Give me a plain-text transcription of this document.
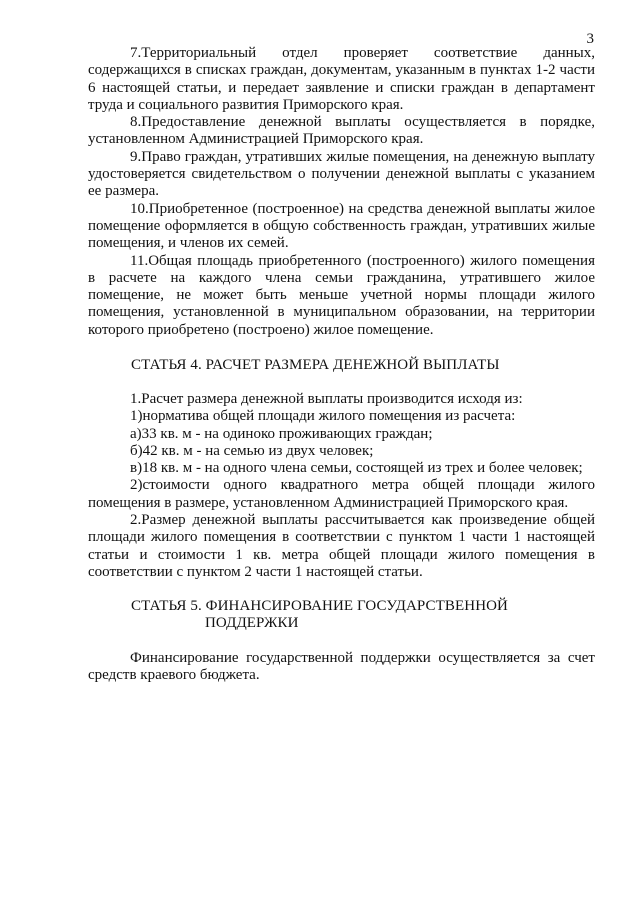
3

7.Территориальный отдел проверяет соответствие данных, содержащихся в списках граждан, документам, указанным в пунктах 1-2 части 6 настоящей статьи, и передает заявление и списки граждан в департамент труда и социального развития Приморского края.

8.Предоставление денежной выплаты осуществляется в порядке, установленном Администрацией Приморского края.

9.Право граждан, утративших жилые помещения, на денежную выплату удостоверяется свидетельством о получении денежной выплаты с указанием ее размера.

10.Приобретенное (построенное) на средства денежной выплаты жилое помещение оформляется в общую собственность граждан, утративших жилые помещения, и членов их семей.

11.Общая площадь приобретенного (построенного) жилого помещения в расчете на каждого члена семьи гражданина, утратившего жилое помещение, не может быть меньше учетной нормы площади жилого помещения, установленной в муниципальном образовании, на территории которого приобретено (построено) жилое помещение.

СТАТЬЯ 4. РАСЧЕТ РАЗМЕРА ДЕНЕЖНОЙ ВЫПЛАТЫ

1.Расчет размера денежной выплаты производится исходя из:

1)норматива общей площади жилого помещения из расчета:

а)33 кв. м - на одиноко проживающих граждан;

б)42 кв. м - на семью из двух человек;

в)18 кв. м - на одного члена семьи, состоящей из трех и более человек;

2)стоимости одного квадратного метра общей площади жилого помещения в размере, установленном Администрацией Приморского края.

2.Размер денежной выплаты рассчитывается как произведение общей площади жилого помещения в соответствии с пунктом 1 части 1 настоящей статьи и стоимости 1 кв. метра общей площади жилого помещения в соответствии с пунктом 2 части 1 настоящей статьи.

СТАТЬЯ 5. ФИНАНСИРОВАНИЕ ГОСУДАРСТВЕННОЙ
ПОДДЕРЖКИ

Финансирование государственной поддержки осуществляется за счет средств краевого бюджета.
